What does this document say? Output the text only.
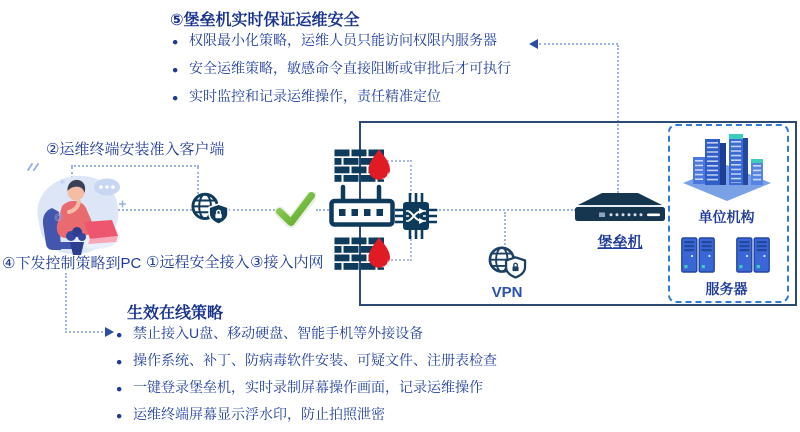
⑤堡垒机实时保证运维安全
● 权限最小化策略，运维人员只能访问权限内服务器
● 安全运维策略，敏感命令直接阻断或审批后才可执行
● 实时监控和记录运维操作，责任精准定位
单位机构
服务器
@
堡垒机
VPN
②运维终端安装准入客户端
④下发控制策略到PC ①远程安全接入 ③接入内网
生效在线策略
● 禁止接入U盘、移动硬盘、智能手机等外接设备
● 操作系统、补丁、防病毒软件安装、可疑文件、注册表检查
● 一键登录堡垒机，实时录制屏幕操作画面，记录运维操作
● 运维终端屏幕显示浮水印，防止拍照泄密
